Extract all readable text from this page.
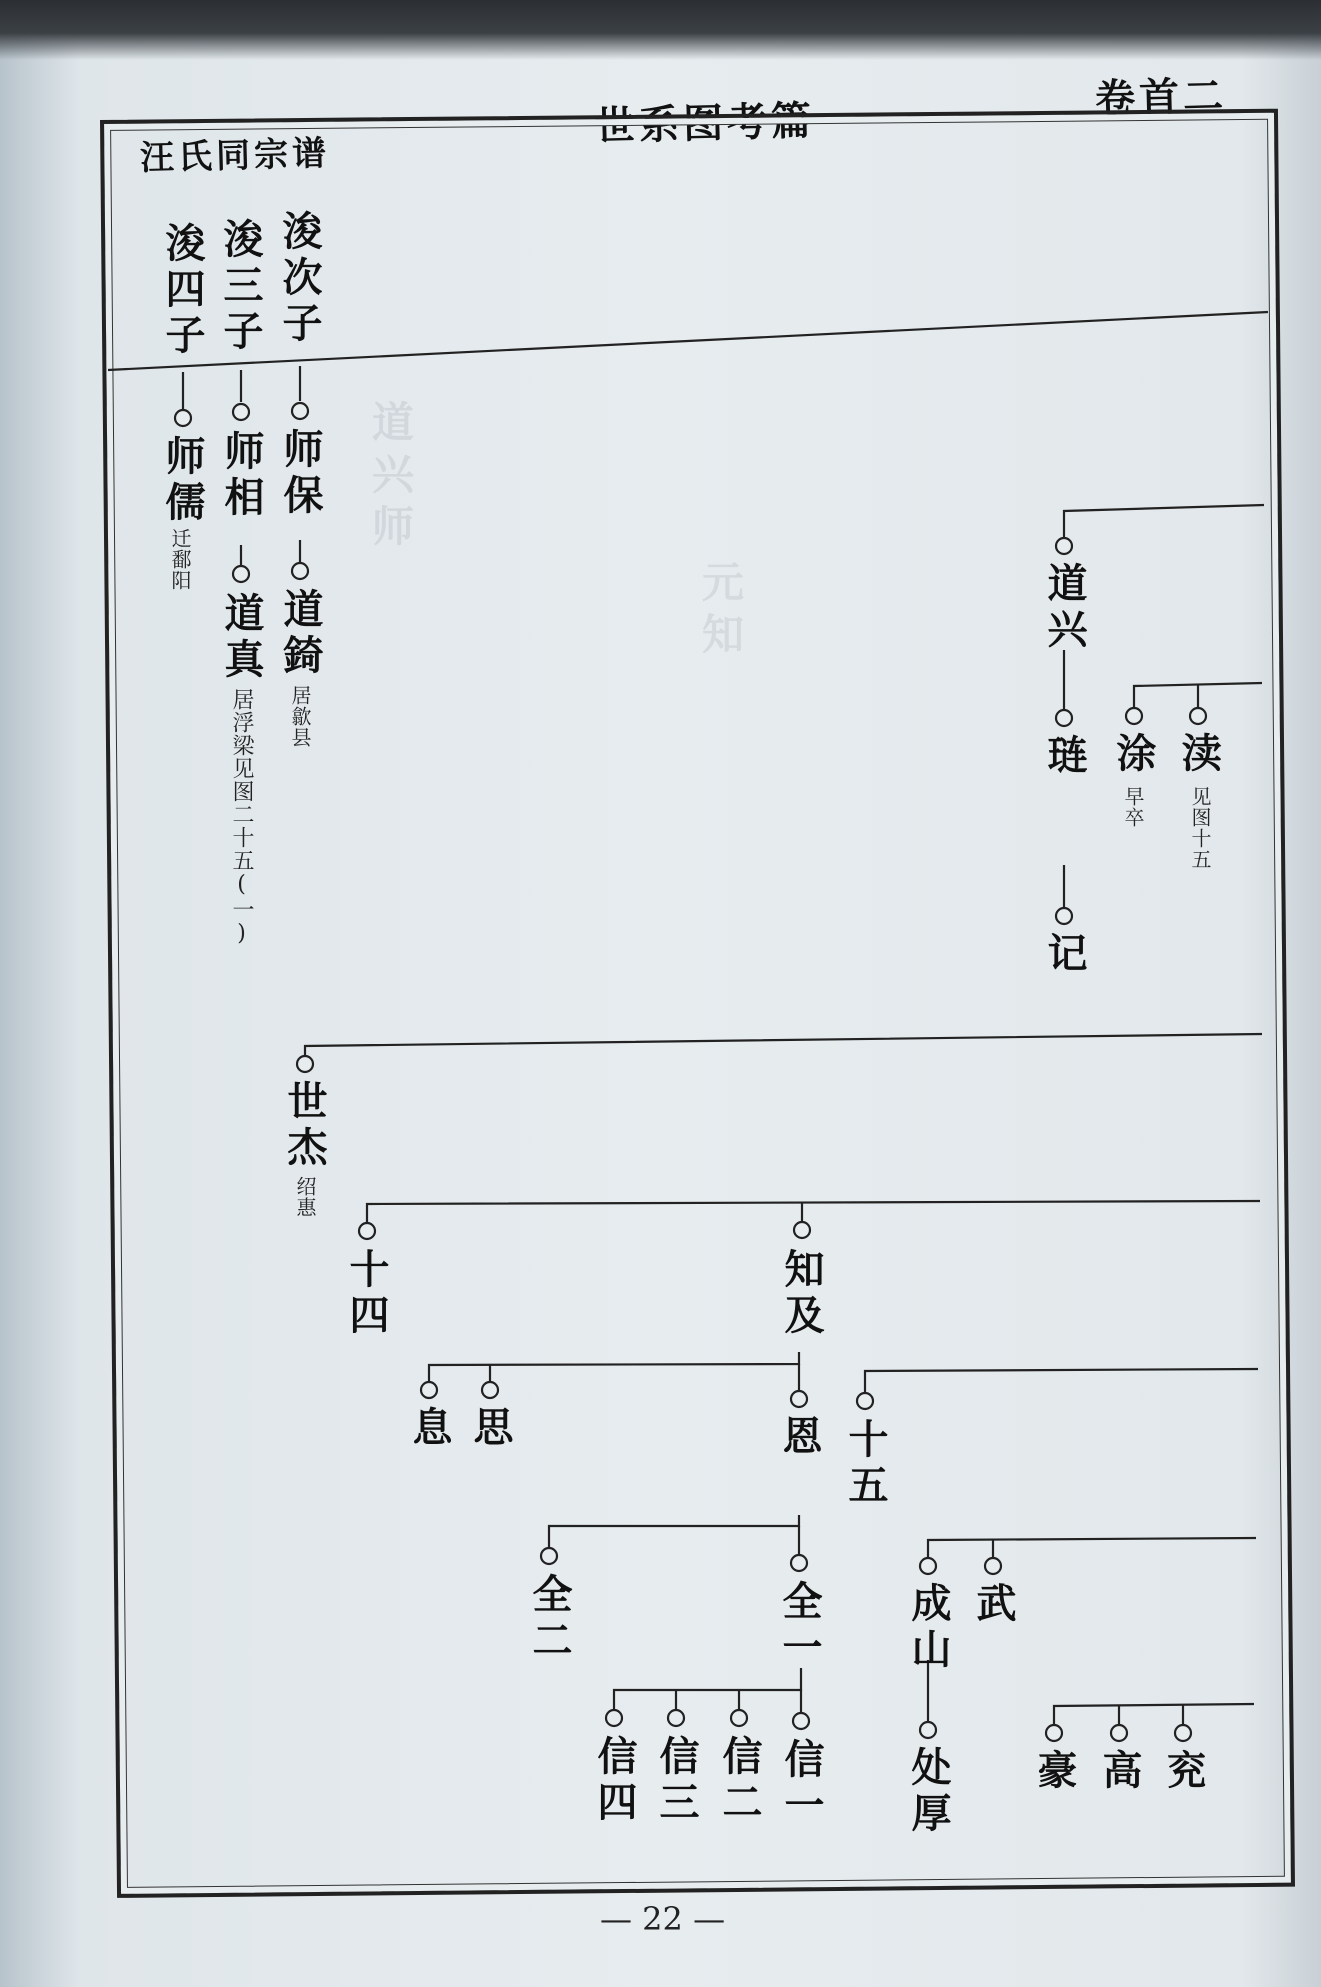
道兴师
元知
汪氏同宗谱
世系图考篇	卷首二
浚次子
浚三子
浚四子
师保
师相
师儒
迁鄱阳
道錡
居歙县
道真
居浮梁见图二十五(一)
道兴
琏
记
涂
早卒
渎
见图十五
世杰
绍惠
十四	知及
息 思	恩 十五
全二	全一
信四 信三 信二 信一
成山 武
处厚 豪 高 兖
— 22 —
